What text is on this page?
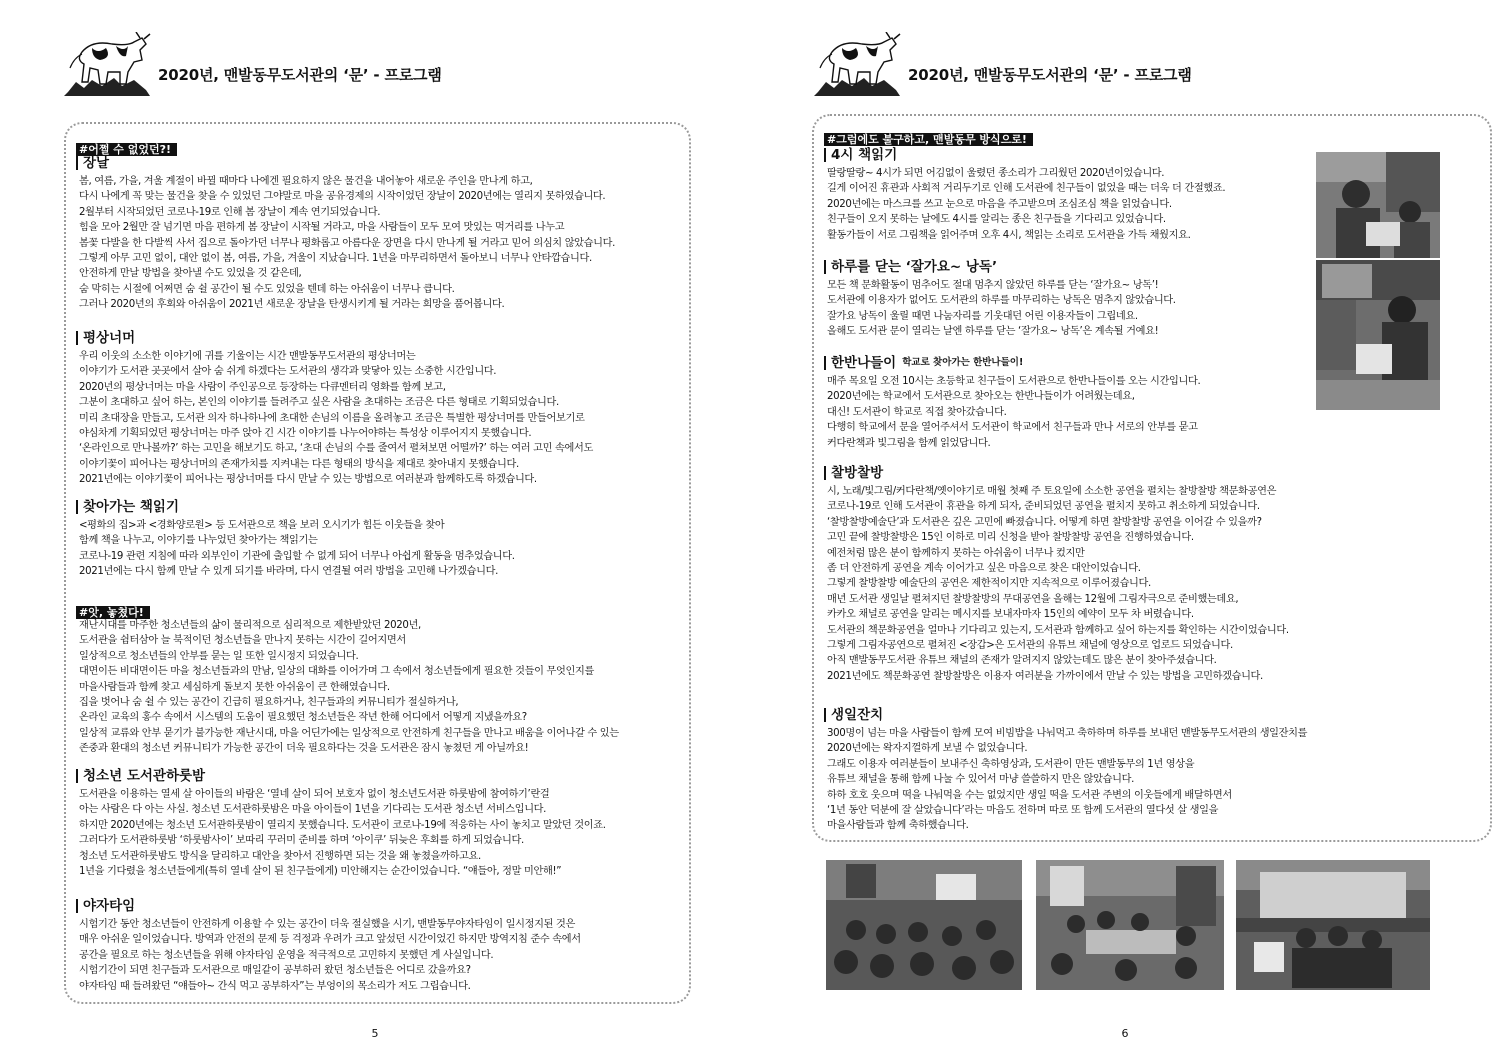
2020년, 맨발동무도서관의 ‘문’ - 프로그램
#어쩔 수 없었던?!
장날
봄, 여름, 가을, 겨울 계절이 바뀔 때마다 나에겐 필요하지 않은 물건을 내어놓아 새로운 주인을 만나게 하고,
다시 나에게 꼭 맞는 물건을 찾을 수 있었던 그야말로 마을 공유경제의 시작이었던 장날이 2020년에는 열리지 못하였습니다.
2월부터 시작되었던 코로나-19로 인해 봄 장날이 계속 연기되었습니다.
힘을 모아 2월만 잘 넘기면 마음 편하게 봄 장날이 시작될 거라고, 마을 사람들이 모두 모여 맛있는 먹거리를 나누고
봄꽃 다발을 한 다발씩 사서 집으로 돌아가던 너무나 평화롭고 아름다운 장면을 다시 만나게 될 거라고 믿어 의심치 않았습니다.
그렇게 아무 고민 없이, 대안 없이 봄, 여름, 가을, 겨울이 지났습니다. 1년을 마무리하면서 돌아보니 너무나 안타깝습니다.
안전하게 만날 방법을 찾아낼 수도 있었을 것 같은데,
숨 막히는 시절에 어쩌면 숨 쉴 공간이 될 수도 있었을 텐데 하는 아쉬움이 너무나 큽니다.
그러나 2020년의 후회와 아쉬움이 2021년 새로운 장날을 탄생시키게 될 거라는 희망을 품어봅니다.
평상너머
우리 이웃의 소소한 이야기에 귀를 기울이는 시간 맨발동무도서관의 평상너머는
이야기가 도서관 곳곳에서 살아 숨 쉬게 하겠다는 도서관의 생각과 맞닿아 있는 소중한 시간입니다.
2020년의 평상너머는 마을 사람이 주인공으로 등장하는 다큐멘터리 영화를 함께 보고,
그분이 초대하고 싶어 하는, 본인의 이야기를 들려주고 싶은 사람을 초대하는 조금은 다른 형태로 기획되었습니다.
미리 초대장을 만들고, 도서관 의자 하나하나에 초대한 손님의 이름을 올려놓고 조금은 특별한 평상너머를 만들어보기로
야심차게 기획되었던 평상너머는 마주 앉아 긴 시간 이야기를 나누어야하는 특성상 이루어지지 못했습니다.
‘온라인으로 만나볼까?’ 하는 고민을 해보기도 하고, ‘초대 손님의 수를 줄여서 펼쳐보면 어떨까?’ 하는 여러 고민 속에서도
이야기꽃이 피어나는 평상너머의 존재가치를 지켜내는 다른 형태의 방식을 제대로 찾아내지 못했습니다.
2021년에는 이야기꽃이 피어나는 평상너머를 다시 만날 수 있는 방법으로 여러분과 함께하도록 하겠습니다.
찾아가는 책읽기
<평화의 집>과 <경화양로원> 등 도서관으로 책을 보러 오시기가 힘든 이웃들을 찾아
함께 책을 나누고, 이야기를 나누었던 찾아가는 책읽기는
코로나-19 관련 지침에 따라 외부인이 기관에 출입할 수 없게 되어 너무나 아쉽게 활동을 멈추었습니다.
2021년에는 다시 함께 만날 수 있게 되기를 바라며, 다시 연결될 여러 방법을 고민해 나가겠습니다.
#앗, 놓쳤다!
재난시대를 마주한 청소년들의 삶이 물리적으로 심리적으로 제한받았던 2020년,
도서관을 쉼터삼아 늘 북적이던 청소년들을 만나지 못하는 시간이 길어지면서
일상적으로 청소년들의 안부를 묻는 일 또한 일시정지 되었습니다.
대면이든 비대면이든 마을 청소년들과의 만남, 일상의 대화를 이어가며 그 속에서 청소년들에게 필요한 것들이 무엇인지를
마을사람들과 함께 찾고 세심하게 돌보지 못한 아쉬움이 큰 한해였습니다.
집을 벗어나 숨 쉴 수 있는 공간이 긴급히 필요하거나, 친구들과의 커뮤니티가 절실하거나,
온라인 교육의 홍수 속에서 시스템의 도움이 필요했던 청소년들은 작년 한해 어디에서 어떻게 지냈을까요?
일상적 교류와 안부 묻기가 불가능한 재난시대, 마을 어딘가에는 일상적으로 안전하게 친구들을 만나고 배움을 이어나갈 수 있는
존중과 환대의 청소년 커뮤니티가 가능한 공간이 더욱 필요하다는 것을 도서관은 잠시 놓쳤던 게 아닐까요!
청소년 도서관하룻밤
도서관을 이용하는 열세 살 아이들의 바람은 ‘열네 살이 되어 보호자 없이 청소년도서관 하룻밤에 참여하기’란걸
아는 사람은 다 아는 사실. 청소년 도서관하룻밤은 마을 아이들이 1년을 기다리는 도서관 청소년 서비스입니다.
하지만 2020년에는 청소년 도서관하룻밤이 열리지 못했습니다. 도서관이 코로나-19에 적응하는 사이 놓치고 말았던 것이죠.
그러다가 도서관하룻밤 ‘하룻밤사이’ 보따리 꾸러미 준비를 하며 ‘아이쿠’ 뒤늦은 후회를 하게 되었습니다.
청소년 도서관하룻밤도 방식을 달리하고 대안을 찾아서 진행하면 되는 것을 왜 놓쳤을까하고요.
1년을 기다렸을 청소년들에게(특히 열네 살이 된 친구들에게) 미안해지는 순간이었습니다. “얘들아, 정말 미안해!”
야자타임
시험기간 동안 청소년들이 안전하게 이용할 수 있는 공간이 더욱 절실했을 시기, 맨발동무야자타임이 일시정지된 것은
매우 아쉬운 일이었습니다. 방역과 안전의 문제 등 걱정과 우려가 크고 앞섰던 시간이었긴 하지만 방역지침 준수 속에서
공간을 필요로 하는 청소년들을 위해 야자타임 운영을 적극적으로 고민하지 못했던 게 사실입니다.
시험기간이 되면 친구들과 도서관으로 매일같이 공부하러 왔던 청소년들은 어디로 갔을까요?
야자타임 때 들려왔던 “얘들아~ 간식 먹고 공부하자”는 부엉이의 목소리가 저도 그립습니다.
5
2020년, 맨발동무도서관의 ‘문’ - 프로그램
#그럼에도 불구하고, 맨발동무 방식으로!
4시 책읽기
딸랑딸랑~ 4시가 되면 어김없이 울렸던 종소리가 그리웠던 2020년이었습니다.
길게 이어진 휴관과 사회적 거리두기로 인해 도서관에 친구들이 없었을 때는 더욱 더 간절했죠.
2020년에는 마스크를 쓰고 눈으로 마음을 주고받으며 조심조심 책을 읽었습니다.
친구들이 오지 못하는 날에도 4시를 알리는 종은 친구들을 기다리고 있었습니다.
활동가들이 서로 그림책을 읽어주며 오후 4시, 책읽는 소리로 도서관을 가득 채웠지요.
하루를 닫는 ‘잘가요~ 낭독’
모든 책 문화활동이 멈추어도 절대 멈추지 않았던 하루를 닫는 ‘잘가요~ 낭독’!
도서관에 이용자가 없어도 도서관의 하루를 마무리하는 낭독은 멈추지 않았습니다.
잘가요 낭독이 울릴 때면 나눔자리를 기웃대던 어린 이용자들이 그립네요.
올해도 도서관 문이 열리는 날엔 하루를 닫는 ‘잘가요~ 낭독’은 계속될 거예요!
한반나들이 학교로 찾아가는 한반나들이!
매주 목요일 오전 10시는 초등학교 친구들이 도서관으로 한반나들이를 오는 시간입니다.
2020년에는 학교에서 도서관으로 찾아오는 한반나들이가 어려웠는데요,
대신! 도서관이 학교로 직접 찾아갔습니다.
다행히 학교에서 문을 열어주셔서 도서관이 학교에서 친구들과 만나 서로의 안부를 묻고
커다란책과 빛그림을 함께 읽었답니다.
찰방찰방
시, 노래/빛그림/커다란책/옛이야기로 매월 첫째 주 토요일에 소소한 공연을 펼치는 찰방찰방 책문화공연은
코로나-19로 인해 도서관이 휴관을 하게 되자, 준비되었던 공연을 펼치지 못하고 취소하게 되었습니다.
‘찰방찰방예술단’과 도서관은 깊은 고민에 빠졌습니다. 어떻게 하면 찰방찰방 공연을 이어갈 수 있을까?
고민 끝에 찰방찰방은 15인 이하로 미리 신청을 받아 찰방찰방 공연을 진행하였습니다.
예전처럼 많은 분이 함께하지 못하는 아쉬움이 너무나 컸지만
좀 더 안전하게 공연을 계속 이어가고 싶은 마음으로 찾은 대안이었습니다.
그렇게 찰방찰방 예술단의 공연은 제한적이지만 지속적으로 이루어졌습니다.
매년 도서관 생일날 펼쳐지던 찰방찰방의 무대공연을 올해는 12월에 그림자극으로 준비했는데요,
카카오 채널로 공연을 알리는 메시지를 보내자마자 15인의 예약이 모두 차 버렸습니다.
도서관의 책문화공연을 얼마나 기다리고 있는지, 도서관과 함께하고 싶어 하는지를 확인하는 시간이었습니다.
그렇게 그림자공연으로 펼쳐진 <장갑>은 도서관의 유튜브 채널에 영상으로 업로드 되었습니다.
아직 맨발동무도서관 유튜브 채널의 존재가 알려지지 않았는데도 많은 분이 찾아주셨습니다.
2021년에도 책문화공연 찰방찰방은 이용자 여러분을 가까이에서 만날 수 있는 방법을 고민하겠습니다.
생일잔치
300명이 넘는 마을 사람들이 함께 모여 비빔밥을 나눠먹고 축하하며 하루를 보내던 맨발동무도서관의 생일잔치를
2020년에는 왁자지껄하게 보낼 수 없었습니다.
그래도 이용자 여러분들이 보내주신 축하영상과, 도서관이 만든 맨발동무의 1년 영상을
유튜브 채널을 통해 함께 나눌 수 있어서 마냥 쓸쓸하지 만은 않았습니다.
하하 호호 웃으며 떡을 나눠먹을 수는 없었지만 생일 떡을 도서관 주변의 이웃들에게 배달하면서
‘1년 동안 덕분에 잘 살았습니다’라는 마음도 전하며 따로 또 함께 도서관의 열다섯 살 생일을
마을사람들과 함께 축하했습니다.
6
